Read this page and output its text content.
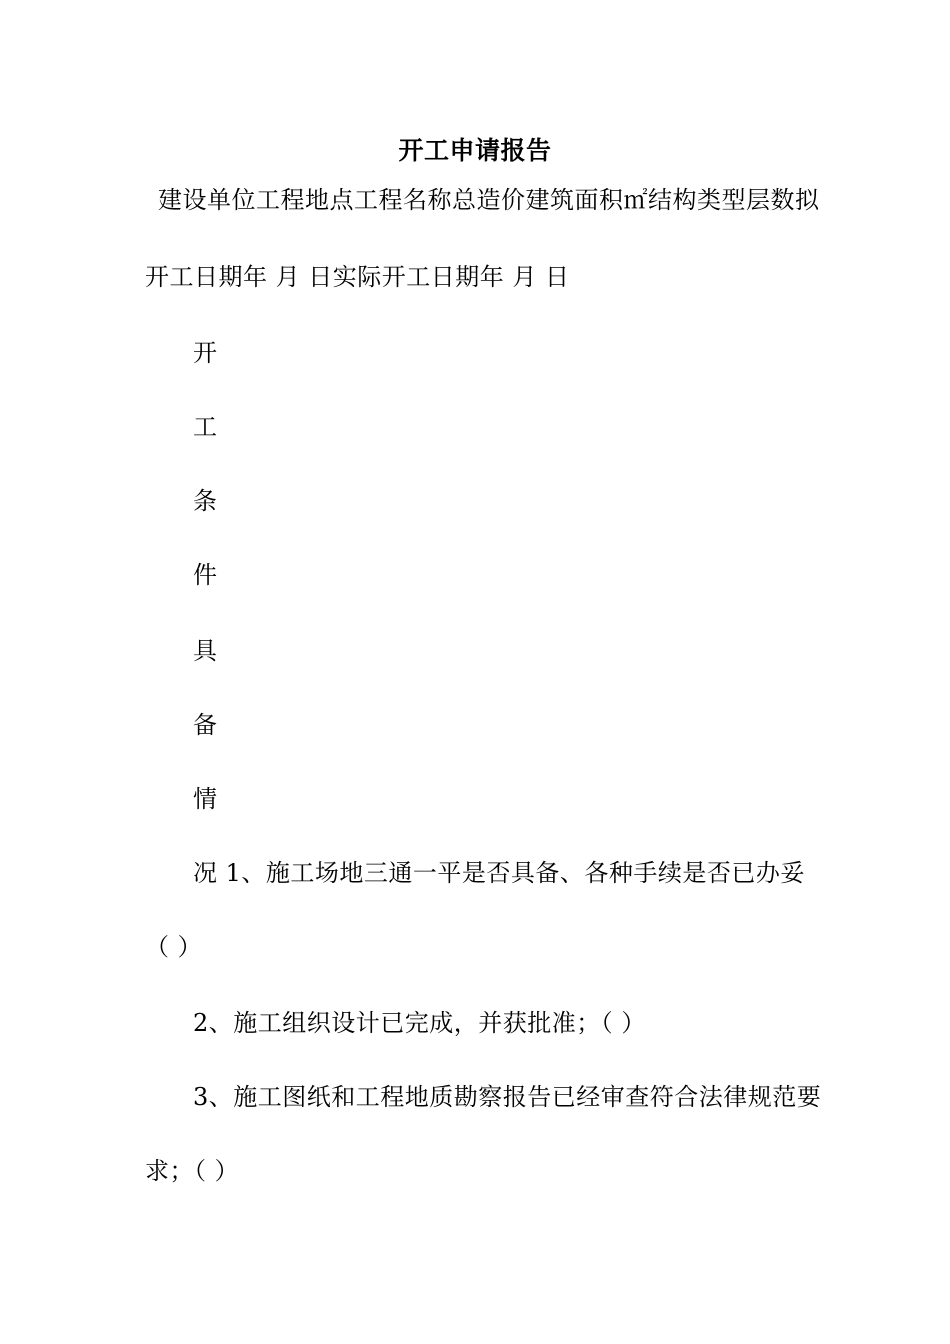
开工申请报告
建设单位工程地点工程名称总造价建筑面积㎡结构类型层数拟
开工日期年 月 日实际开工日期年 月 日
开
工
条
件
具
备
情
况 1、施工场地三通一平是否具备、各种手续是否已办妥
（ ）
2、施工组织设计已完成，并获批准；（ ）
3、施工图纸和工程地质勘察报告已经审查符合法律规范要
求；（ ）
